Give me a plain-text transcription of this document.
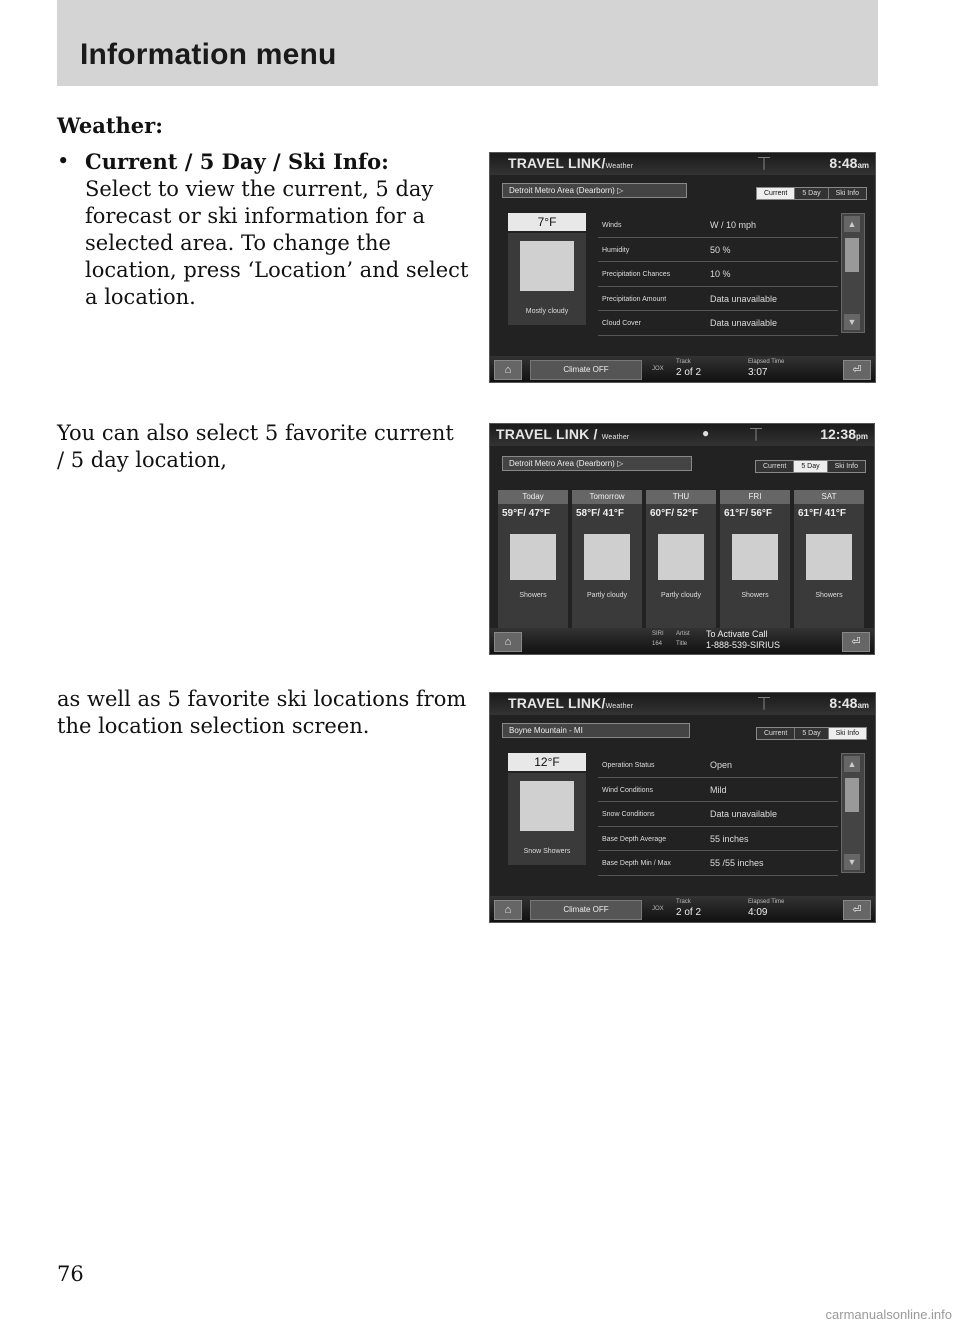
Information menu
Weather:
• Current / 5 Day / Ski Info:
Select to view the current, 5 day forecast or ski information for a selected area. To change the location, press ‘Location’ and select a location.
TRAVEL LINK/Weather	⏉	8:48am
Detroit Metro Area (Dearborn) ▷	Current	5 Day	Ski Info
7°F
Mostly cloudy
Winds	W / 10 mph
Humidity	50 %
Precipitation Chances	10 %
Precipitation Amount	Data unavailable
Cloud Cover	Data unavailable
▲
▼
⌂	Climate OFF	JOX
Track
2 of 2
Elapsed Time
3:07	⏎
You can also select 5 favorite current / 5 day location,
TRAVEL LINK / Weather	●	⏉	12:38pm
Detroit Metro Area (Dearborn) ▷	Current	5 Day	Ski Info
Today
59°F/ 47°F
Showers
Tomorrow
58°F/ 41°F
Partly cloudy
THU
60°F/ 52°F
Partly cloudy
FRI
61°F/ 56°F
Showers
SAT
61°F/ 41°F
Showers
⌂
SIRI
164
Artist
Title
To Activate Call
1-888-539-SIRIUS	⏎
as well as 5 favorite ski locations from the location selection screen.
TRAVEL LINK/Weather	⏉	8:48am
Boyne Mountain - MI	Current	5 Day	Ski Info
12°F
Snow Showers
Operation Status	Open
Wind Conditions	Mild
Snow Conditions	Data unavailable
Base Depth Average	55 inches
Base Depth Min / Max	55 /55 inches
▲
▼
⌂	Climate OFF	JOX
Track
2 of 2
Elapsed Time
4:09	⏎
76
carmanualsonline.info
